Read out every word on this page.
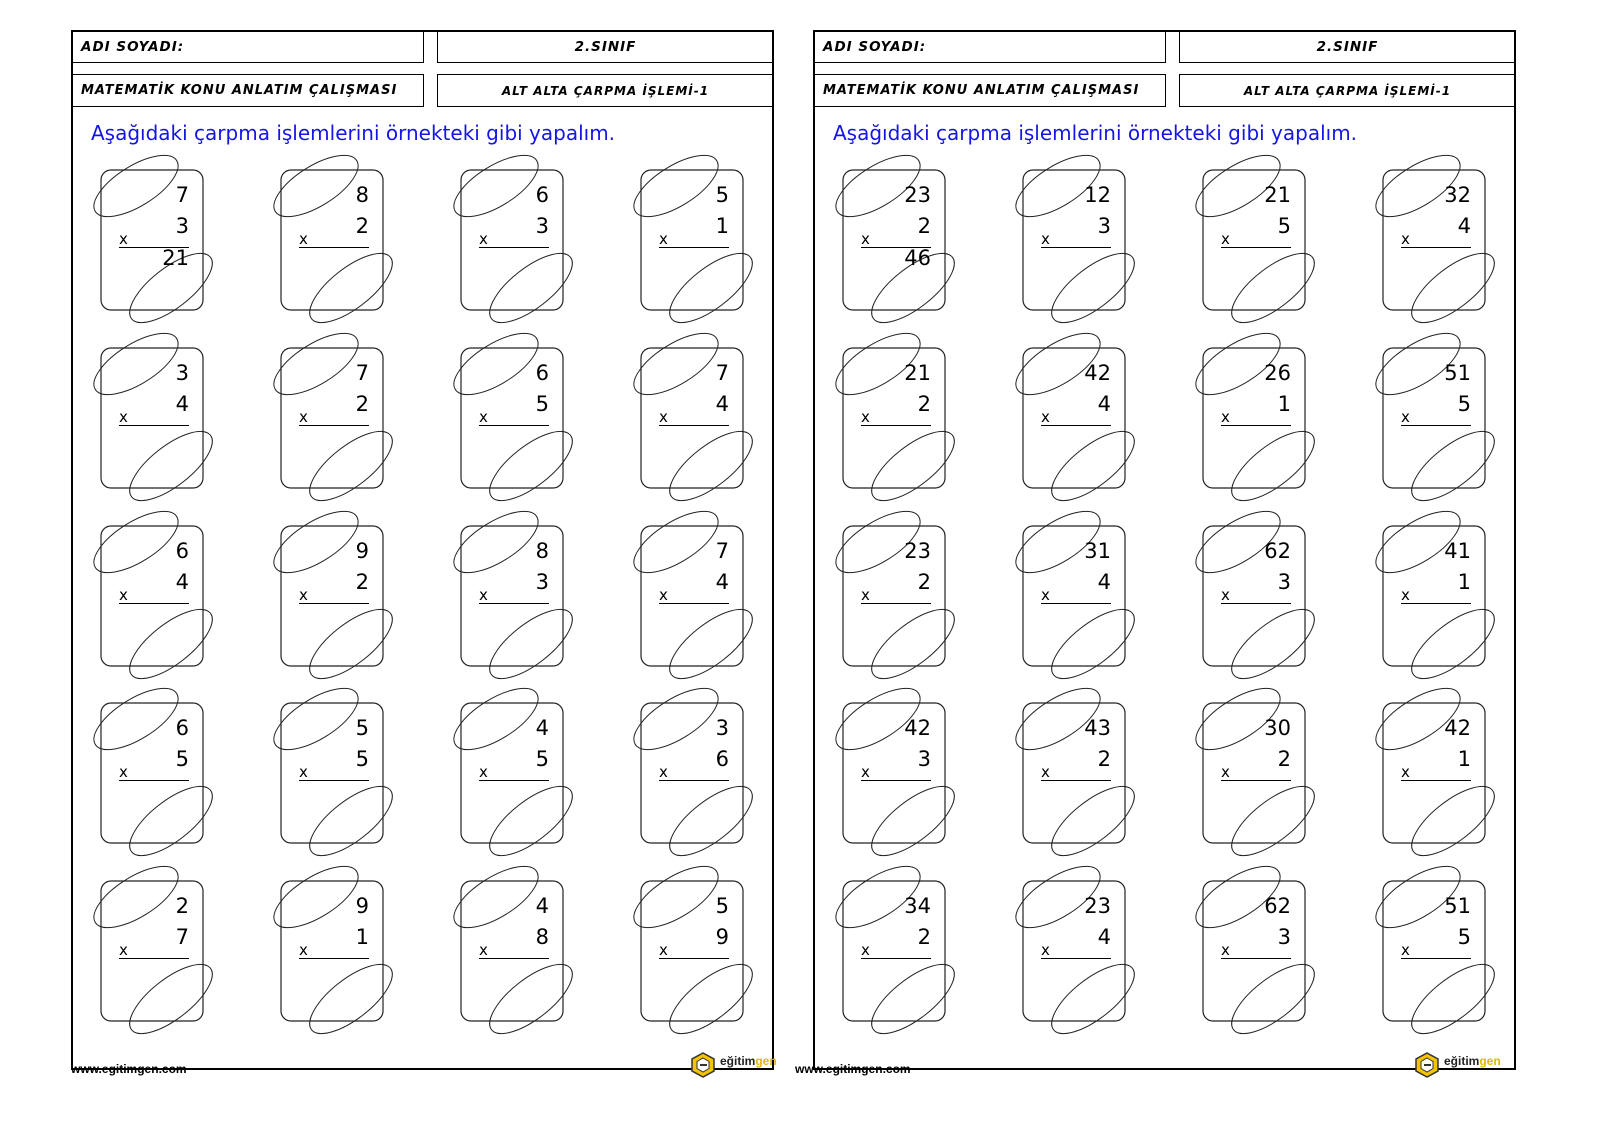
ADI SOYADI:	2.SINIF
MATEMATİK KONU ANLATIM ÇALIŞMASI	ALT ALTA ÇARPMA İŞLEMİ-1
Aşağıdaki çarpma işlemlerini örnekteki gibi yapalım.
7
x
3
21
8
x
2
6
x
3
5
x
1
3
x
4
7
x
2
6
x
5
7
x
4
6
x
4
9
x
2
8
x
3
7
x
4
6
x
5
5
x
5
4
x
5
3
x
6
2
x
7
9
x
1
4
x
8
5
x
9
ADI SOYADI:	2.SINIF
MATEMATİK KONU ANLATIM ÇALIŞMASI	ALT ALTA ÇARPMA İŞLEMİ-1
Aşağıdaki çarpma işlemlerini örnekteki gibi yapalım.
23
x
2
46
12
x
3
21
x
5
32
x
4
21
x
2
42
x
4
26
x
1
51
x
5
23
x
2
31
x
4
62
x
3
41
x
1
42
x
3
43
x
2
30
x
2
42
x
1
34
x
2
23
x
4
62
x
3
51
x
5
www.egitimgen.com
eğitimgen
www.egitimgen.com
eğitimgen
